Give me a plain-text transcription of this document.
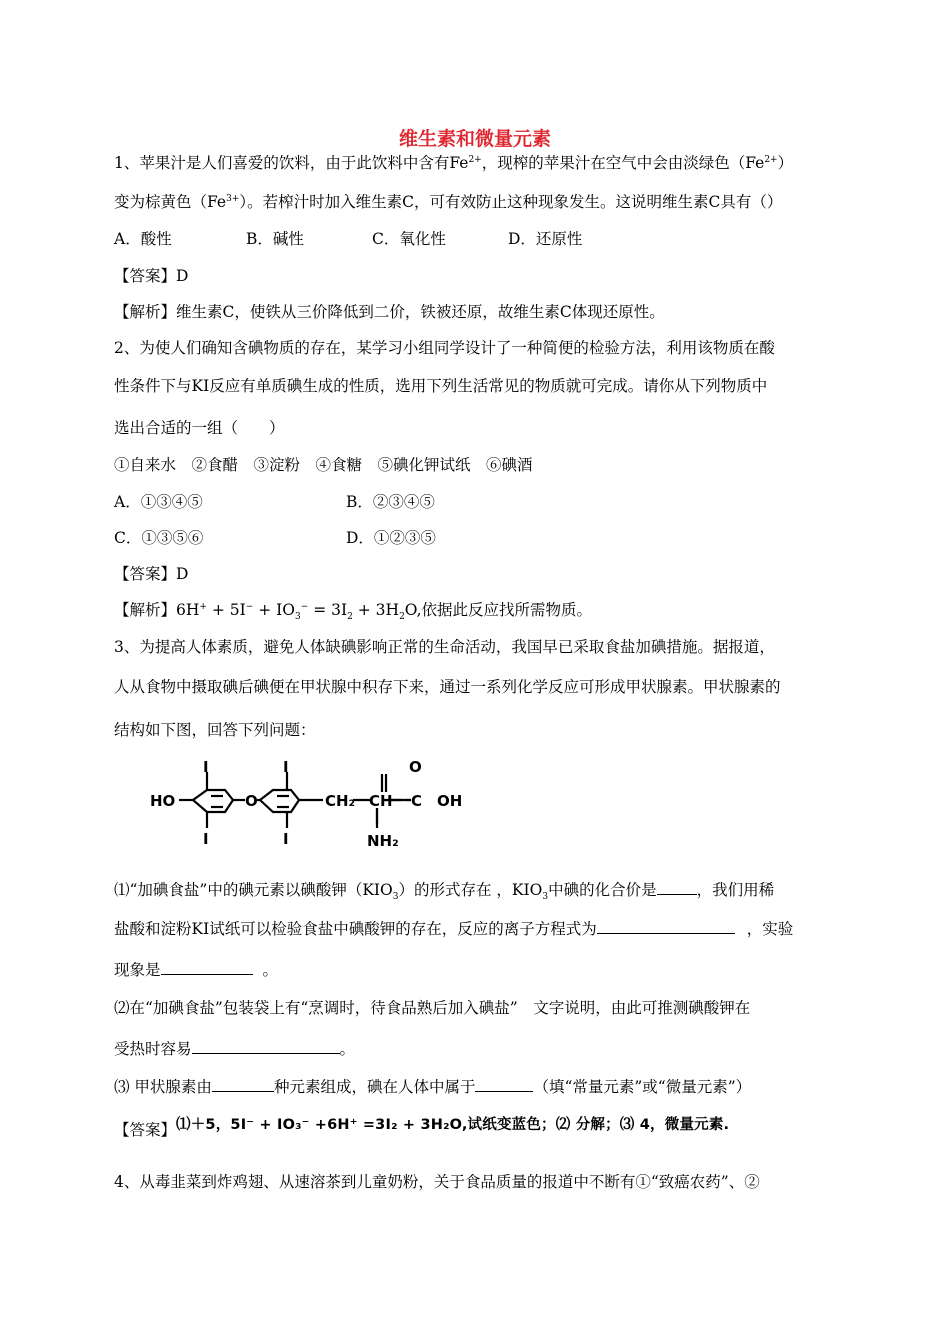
维生素和微量元素
1、苹果汁是人们喜爱的饮料，由于此饮料中含有$Fe^{2+}$，现榨的苹果汁在空气中会由淡绿色$(Fe^{2+})$
变为棕黄色$(Fe^{3+})$。若榨汁时加入维生素C，可有效防止这种现象发生。这说明维生素C具有（）
A．酸性	B．碱性	C．氧化性	D．还原性
【答案】D
【解析】维生素C，使铁从三价降低到二价，铁被还原，故维生素C体现还原性。
2、为使人们确知含碘物质的存在，某学习小组同学设计了一种简便的检验方法，利用该物质在酸
性条件下与KI反应有单质碘生成的性质，选用下列生活常见的物质就可完成。请你从下列物质中
选出合适的一组（　　）
①自来水　②食醋　③淀粉　④食糖　⑤碘化钾试纸　⑥碘酒
A．①③④⑤	B．②③④⑤
C．①③⑤⑥	D．①②③⑤
【答案】D
【解析】$6H^+ + 5I^- + IO_3^- = 3I_2 + 3H_2O$,依据此反应找所需物质。
3、为提高人体素质，避免人体缺碘影响正常的生命活动，我国早已采取食盐加碘措施。据报道，
人从食物中摄取碘后碘便在甲状腺中积存下来，通过一系列化学反应可形成甲状腺素。甲状腺素的
结构如下图，回答下列问题：
HO
I
I
O
I
I
CH₂ CH C
O
OH
NH₂
⑴“加碘食盐”中的碘元素以碘酸钾$(KIO_3)$的形式存在 ，$KIO_3$中碘的化合价是	，我们用稀
盐酸和淀粉KI试纸可以检验食盐中碘酸钾的存在，反应的离子方程式为	，实验
现象是	。
⑵在“加碘食盐”包装袋上有“烹调时，待食品熟后加入碘盐”　文字说明，由此可推测碘酸钾在
受热时容易	。
⑶ 甲状腺素由	种元素组成，碘在人体中属于	（填“常量元素”或“微量元素”）
【答案】⑴＋5，5I⁻ + IO₃⁻ +6H⁺ =3I₂ + 3H₂O,试纸变蓝色；⑵ 分解；⑶ 4，微量元素.
4、从毒韭菜到炸鸡翅、从速溶茶到儿童奶粉，关于食品质量的报道中不断有①“致癌农药”、②
